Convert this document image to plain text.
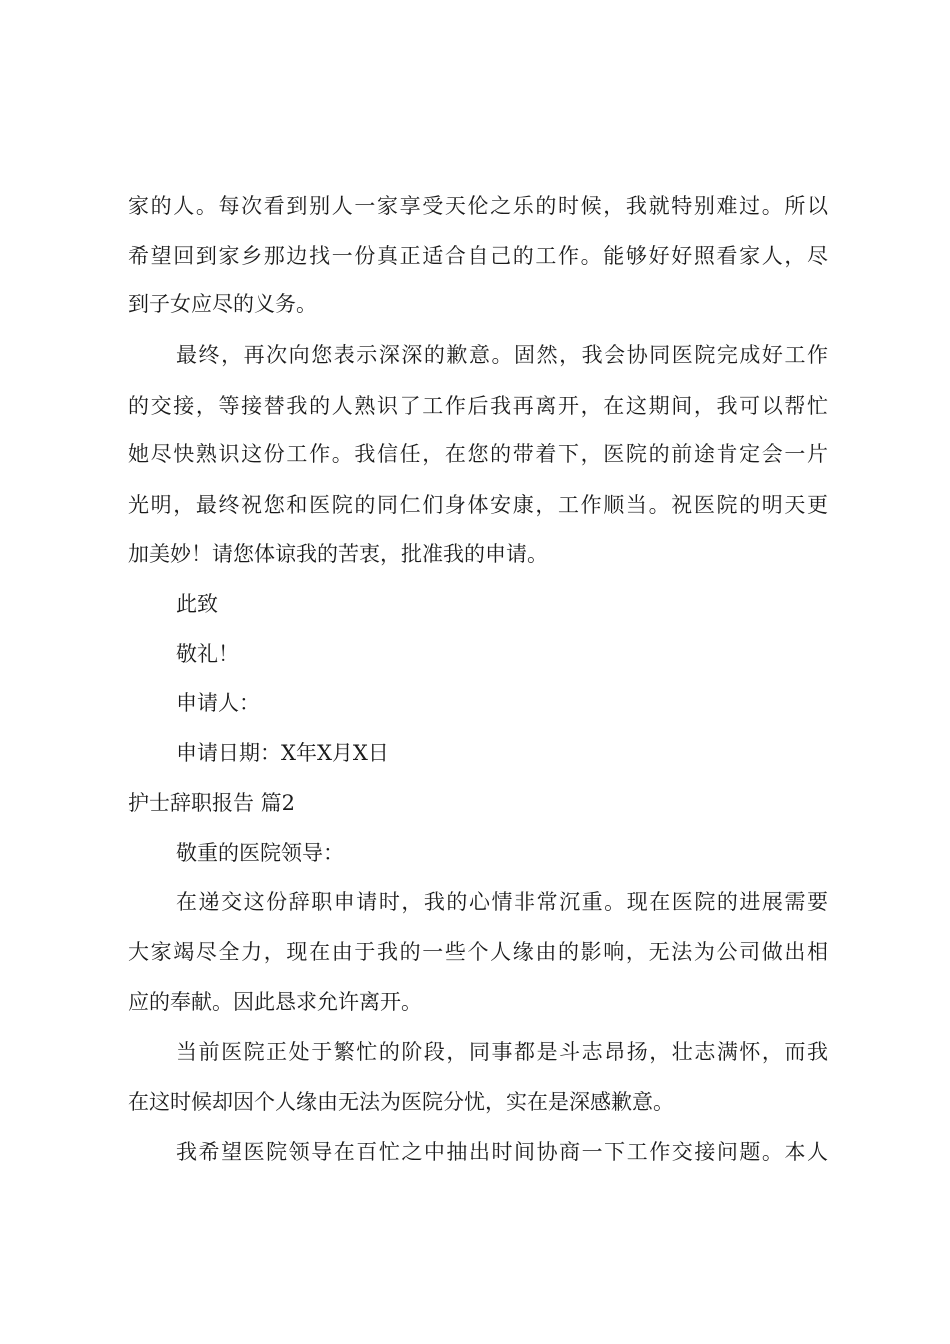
家的人。每次看到别人一家享受天伦之乐的时候，我就特别难过。所以
希望回到家乡那边找一份真正适合自己的工作。能够好好照看家人，尽
到子女应尽的义务。
最终，再次向您表示深深的歉意。固然，我会协同医院完成好工作
的交接，等接替我的人熟识了工作后我再离开，在这期间，我可以帮忙
她尽快熟识这份工作。我信任，在您的带着下，医院的前途肯定会一片
光明，最终祝您和医院的同仁们身体安康，工作顺当。祝医院的明天更
加美妙！请您体谅我的苦衷，批准我的申请。
此致
敬礼！
申请人：
申请日期：X年X月X日
护士辞职报告 篇2
敬重的医院领导：
在递交这份辞职申请时，我的心情非常沉重。现在医院的进展需要
大家竭尽全力，现在由于我的一些个人缘由的影响，无法为公司做出相
应的奉献。因此恳求允许离开。
当前医院正处于繁忙的阶段，同事都是斗志昂扬，壮志满怀，而我
在这时候却因个人缘由无法为医院分忧，实在是深感歉意。
我希望医院领导在百忙之中抽出时间协商一下工作交接问题。本人
